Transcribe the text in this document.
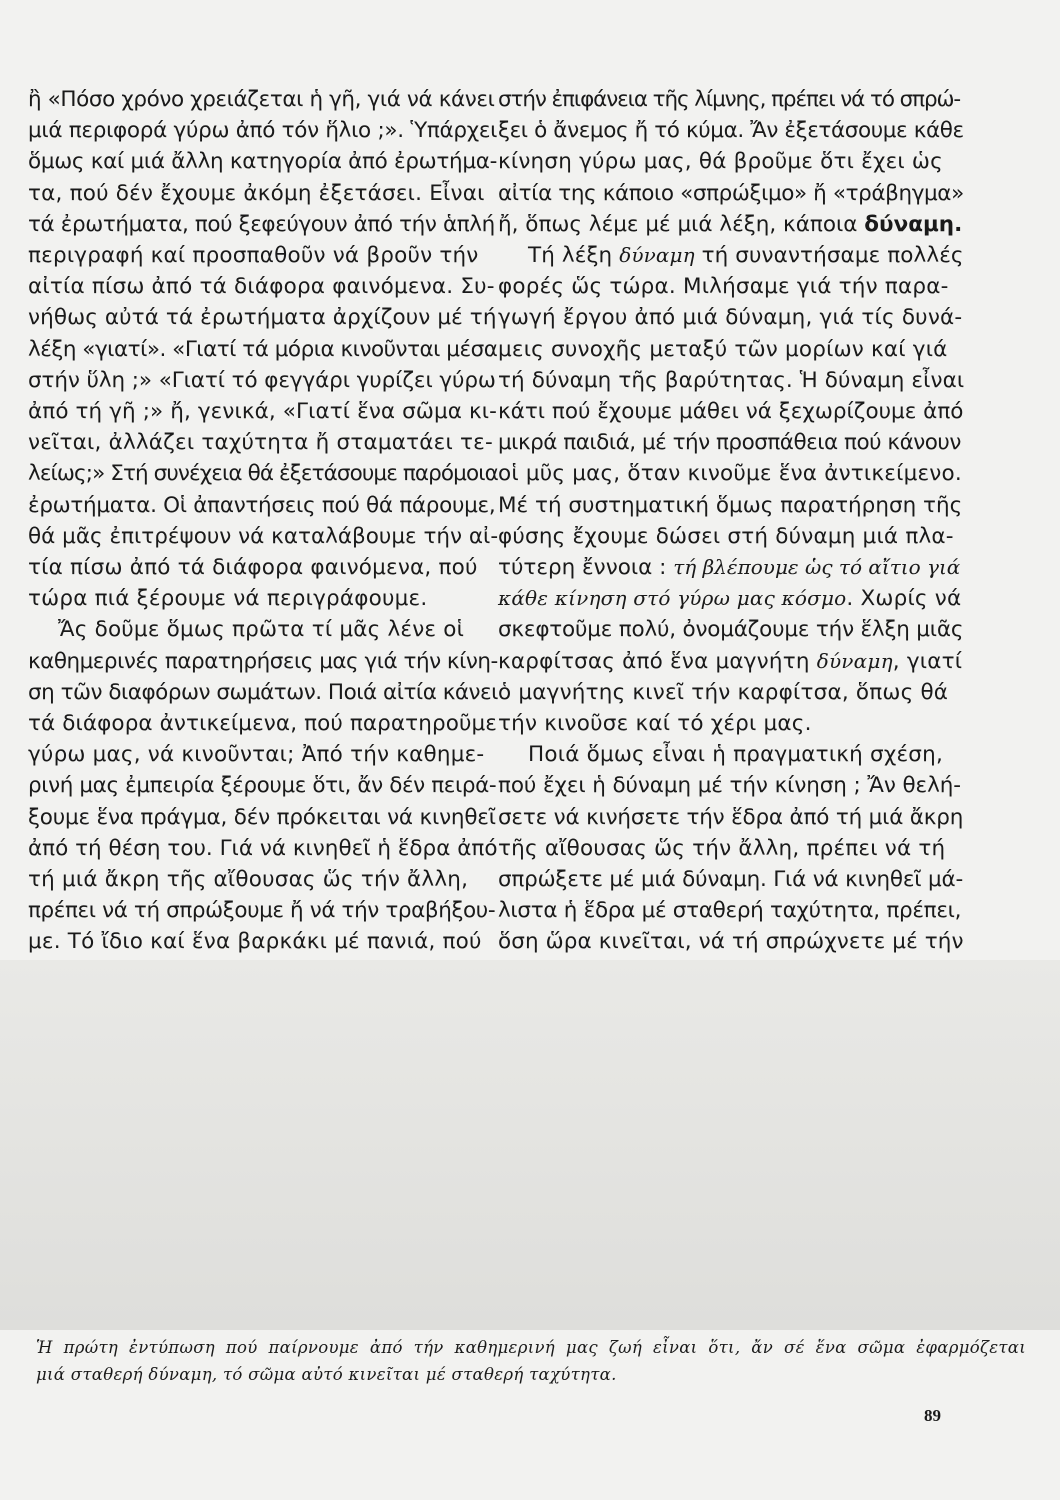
ἢ «Πόσο χρόνο χρειάζεται ἡ γῆ, γιά νά κάνει
μιά περιφορά γύρω ἀπό τόν ἥλιο ;». Ὑπάρχει
ὅμως καί μιά ἄλλη κατηγορία ἀπό ἐρωτήμα-
τα, πού δέν ἔχουμε ἀκόμη ἐξετάσει. Εἶναι
τά ἐρωτήματα, πού ξεφεύγουν ἀπό τήν ἁπλή
περιγραφή καί προσπαθοῦν νά βροῦν τήν
αἰτία πίσω ἀπό τά διάφορα φαινόμενα. Συ-
νήθως αὐτά τά ἐρωτήματα ἀρχίζουν μέ τή
λέξη «γιατί». «Γιατί τά μόρια κινοῦνται μέσα
στήν ὕλη ;» «Γιατί τό φεγγάρι γυρίζει γύρω
ἀπό τή γῆ ;» ἤ, γενικά, «Γιατί ἕνα σῶμα κι-
νεῖται, ἀλλάζει ταχύτητα ἤ σταματάει τε-
λείως;» Στή συνέχεια θά ἐξετάσουμε παρόμοια
ἐρωτήματα. Οἱ ἀπαντήσεις πού θά πάρουμε,
θά μᾶς ἐπιτρέψουν νά καταλάβουμε τήν αἰ-
τία πίσω ἀπό τά διάφορα φαινόμενα, πού
τώρα πιά ξέρουμε νά περιγράφουμε.

Ἄς δοῦμε ὅμως πρῶτα τί μᾶς λένε οἱ
καθημερινές παρατηρήσεις μας γιά τήν κίνη-
ση τῶν διαφόρων σωμάτων. Ποιά αἰτία κάνει
τά διάφορα ἀντικείμενα, πού παρατηροῦμε
γύρω μας, νά κινοῦνται; Ἀπό τήν καθημε-
ρινή μας ἐμπειρία ξέρουμε ὅτι, ἄν δέν πειρά-
ξουμε ἕνα πράγμα, δέν πρόκειται νά κινηθεῖ
ἀπό τή θέση του. Γιά νά κινηθεῖ ἡ ἕδρα ἀπό
τή μιά ἄκρη τῆς αἴθουσας ὥς τήν ἄλλη,
πρέπει νά τή σπρώξουμε ἤ νά τήν τραβήξου-
με. Τό ἴδιο καί ἕνα βαρκάκι μέ πανιά, πού

στήν ἐπιφάνεια τῆς λίμνης, πρέπει νά τό σπρώ-
ξει ὁ ἄνεμος ἤ τό κύμα. Ἄν ἐξετάσουμε κάθε
κίνηση γύρω μας, θά βροῦμε ὅτι ἔχει ὡς
αἰτία της κάποιο «σπρώξιμο» ἤ «τράβηγμα»
ἤ, ὅπως λέμε μέ μιά λέξη, κάποια δύναμη.

Τή λέξη δύναμη τή συναντήσαμε πολλές
φορές ὥς τώρα. Μιλήσαμε γιά τήν παρα-
γωγή ἔργου ἀπό μιά δύναμη, γιά τίς δυνά-
μεις συνοχῆς μεταξύ τῶν μορίων καί γιά
τή δύναμη τῆς βαρύτητας. Ἡ δύναμη εἶναι
κάτι πού ἔχουμε μάθει νά ξεχωρίζουμε ἀπό
μικρά παιδιά, μέ τήν προσπάθεια πού κάνουν
οἱ μῦς μας, ὅταν κινοῦμε ἕνα ἀντικείμενο.
Μέ τή συστηματική ὅμως παρατήρηση τῆς
φύσης ἔχουμε δώσει στή δύναμη μιά πλα-
τύτερη ἔννοια : τή βλέπουμε ὡς τό αἴτιο γιά
κάθε κίνηση στό γύρω μας κόσμο. Χωρίς νά
σκεφτοῦμε πολύ, ὀνομάζουμε τήν ἕλξη μιᾶς
καρφίτσας ἀπό ἕνα μαγνήτη δύναμη, γιατί
ὁ μαγνήτης κινεῖ τήν καρφίτσα, ὅπως θά
τήν κινοῦσε καί τό χέρι μας.

Ποιά ὅμως εἶναι ἡ πραγματική σχέση,
πού ἔχει ἡ δύναμη μέ τήν κίνηση ; Ἄν θελή-
σετε νά κινήσετε τήν ἕδρα ἀπό τή μιά ἄκρη
τῆς αἴθουσας ὥς τήν ἄλλη, πρέπει νά τή
σπρώξετε μέ μιά δύναμη. Γιά νά κινηθεῖ μά-
λιστα ἡ ἕδρα μέ σταθερή ταχύτητα, πρέπει,
ὅση ὥρα κινεῖται, νά τή σπρώχνετε μέ τήν

Ἡ πρώτη ἐντύπωση πού παίρνουμε ἀπό τήν καθημερινή μας ζωή εἶναι ὅτι, ἄν σέ ἕνα σῶμα ἐφαρμόζεται
μιά σταθερή δύναμη, τό σῶμα αὐτό κινεῖται μέ σταθερή ταχύτητα.
89
